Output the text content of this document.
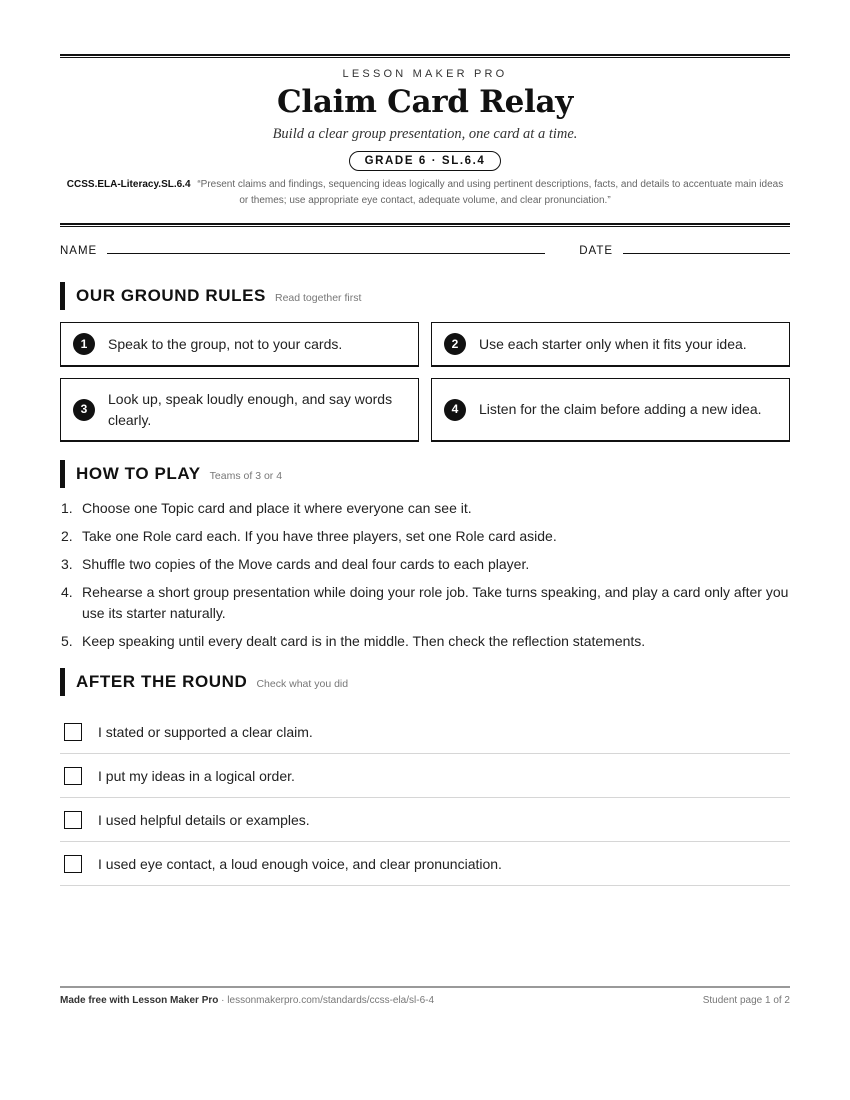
LESSON MAKER PRO
Claim Card Relay
Build a clear group presentation, one card at a time.
GRADE 6 · SL.6.4
CCSS.ELA-Literacy.SL.6.4 “Present claims and findings, sequencing ideas logically and using pertinent descriptions, facts, and details to accentuate main ideas or themes; use appropriate eye contact, adequate volume, and clear pronunciation.”
NAME	DATE
OUR GROUND RULES Read together first
1	Speak to the group, not to your cards.	2	Use each starter only when it fits your idea.
3
Look up, speak loudly enough, and say words clearly.
4	Listen for the claim before adding a new idea.
HOW TO PLAY Teams of 3 or 4
1. Choose one Topic card and place it where everyone can see it.
2. Take one Role card each. If you have three players, set one Role card aside.
3. Shuffle two copies of the Move cards and deal four cards to each player.
4. Rehearse a short group presentation while doing your role job. Take turns speaking, and play a card only after you use its starter naturally.
5. Keep speaking until every dealt card is in the middle. Then check the reflection statements.
AFTER THE ROUND Check what you did
I stated or supported a clear claim.
I put my ideas in a logical order.
I used helpful details or examples.
I used eye contact, a loud enough voice, and clear pronunciation.
Made free with Lesson Maker Pro · lessonmakerpro.com/standards/ccss-ela/sl-6-4	Student page 1 of 2
